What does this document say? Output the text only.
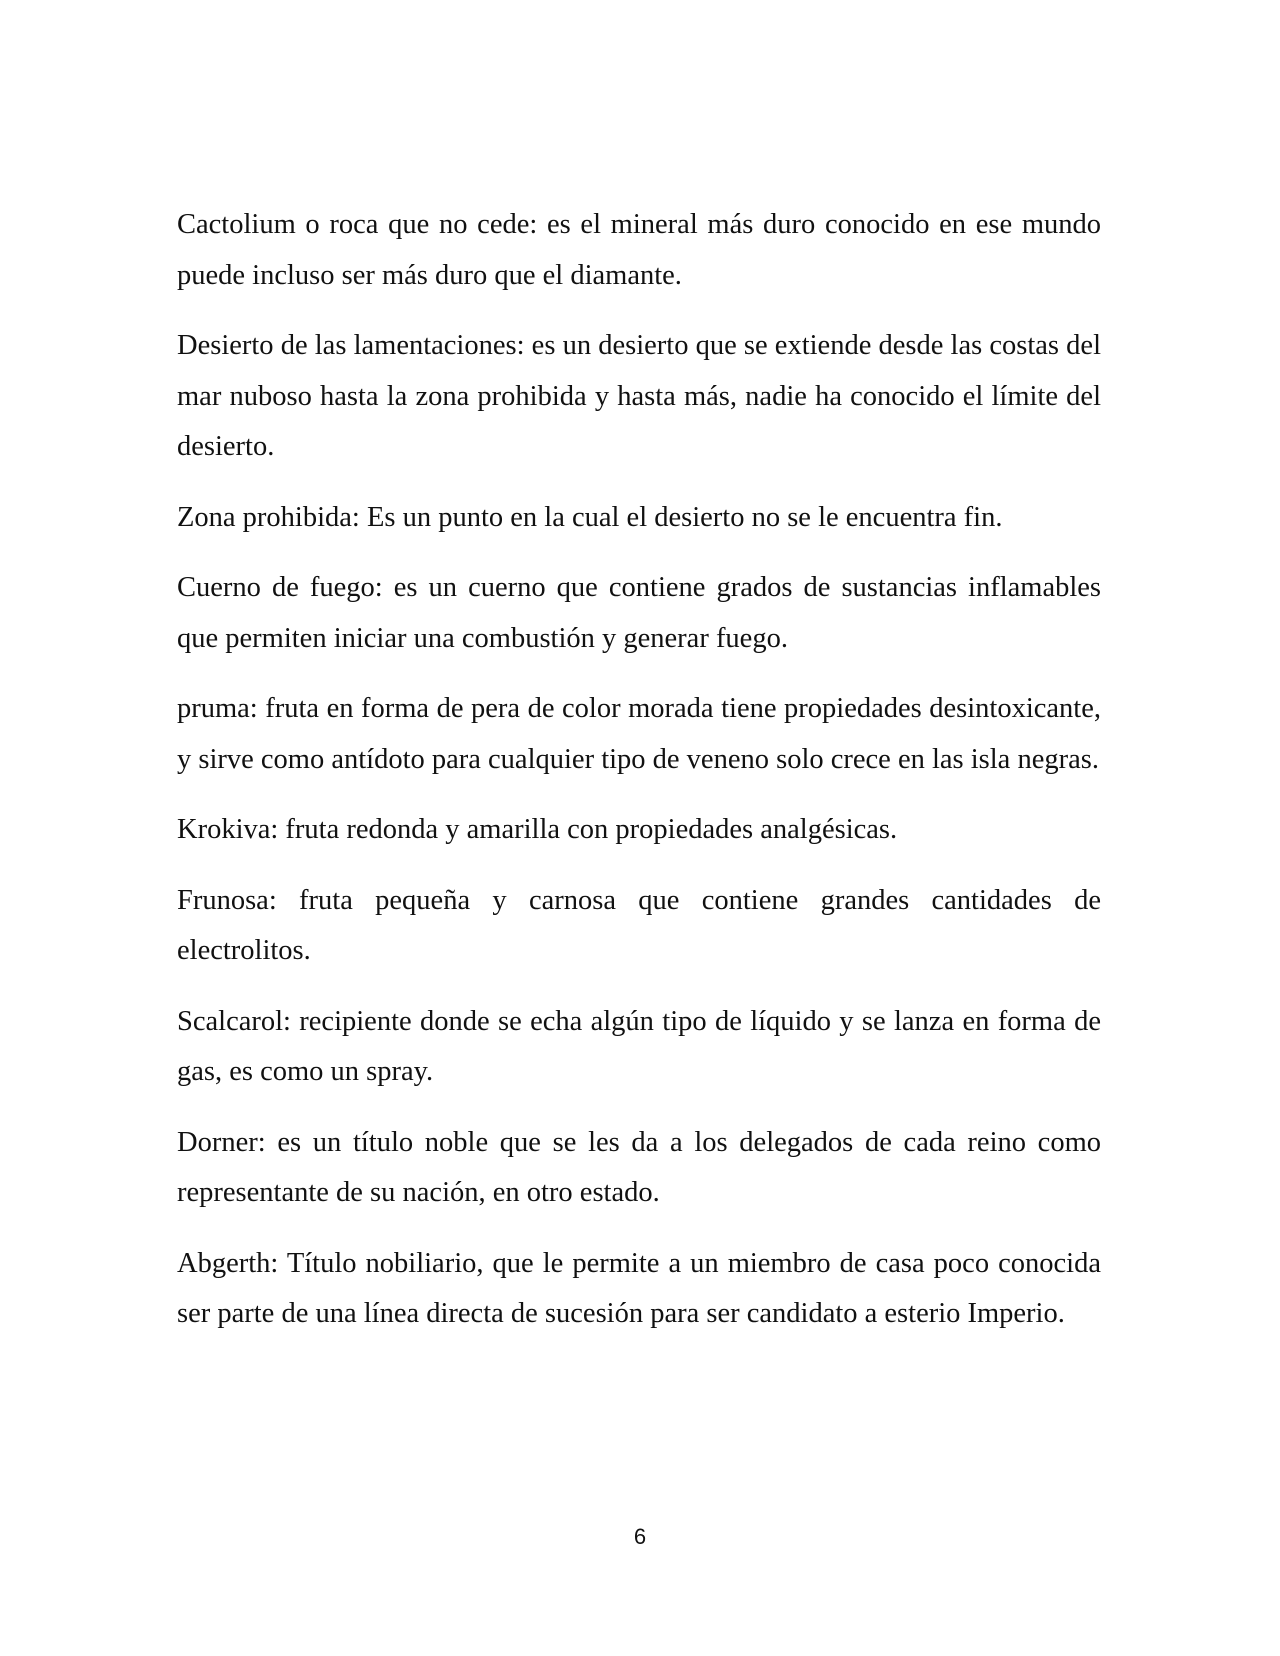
Cactolium o roca que no cede: es el mineral más duro conocido en ese mundo puede incluso ser más duro que el diamante.

Desierto de las lamentaciones: es un desierto que se extiende desde las costas del mar nuboso hasta la zona prohibida y hasta más, nadie ha conocido el límite del desierto.

Zona prohibida: Es un punto en la cual el desierto no se le encuentra fin.

Cuerno de fuego: es un cuerno que contiene grados de sustancias inflamables que permiten iniciar una combustión y generar fuego.

pruma: fruta en forma de pera de color morada tiene propiedades desintoxicante, y sirve como antídoto para cualquier tipo de veneno solo crece en las isla negras.

Krokiva: fruta redonda y amarilla con propiedades analgésicas.

Frunosa: fruta pequeña y carnosa que contiene grandes cantidades de electrolitos.

Scalcarol: recipiente donde se echa algún tipo de líquido y se lanza en forma de gas, es como un spray.

Dorner: es un título noble que se les da a los delegados de cada reino como representante de su nación, en otro estado.

Abgerth: Título nobiliario, que le permite a un miembro de casa poco conocida ser parte de una línea directa de sucesión para ser candidato a esterio Imperio.

6
